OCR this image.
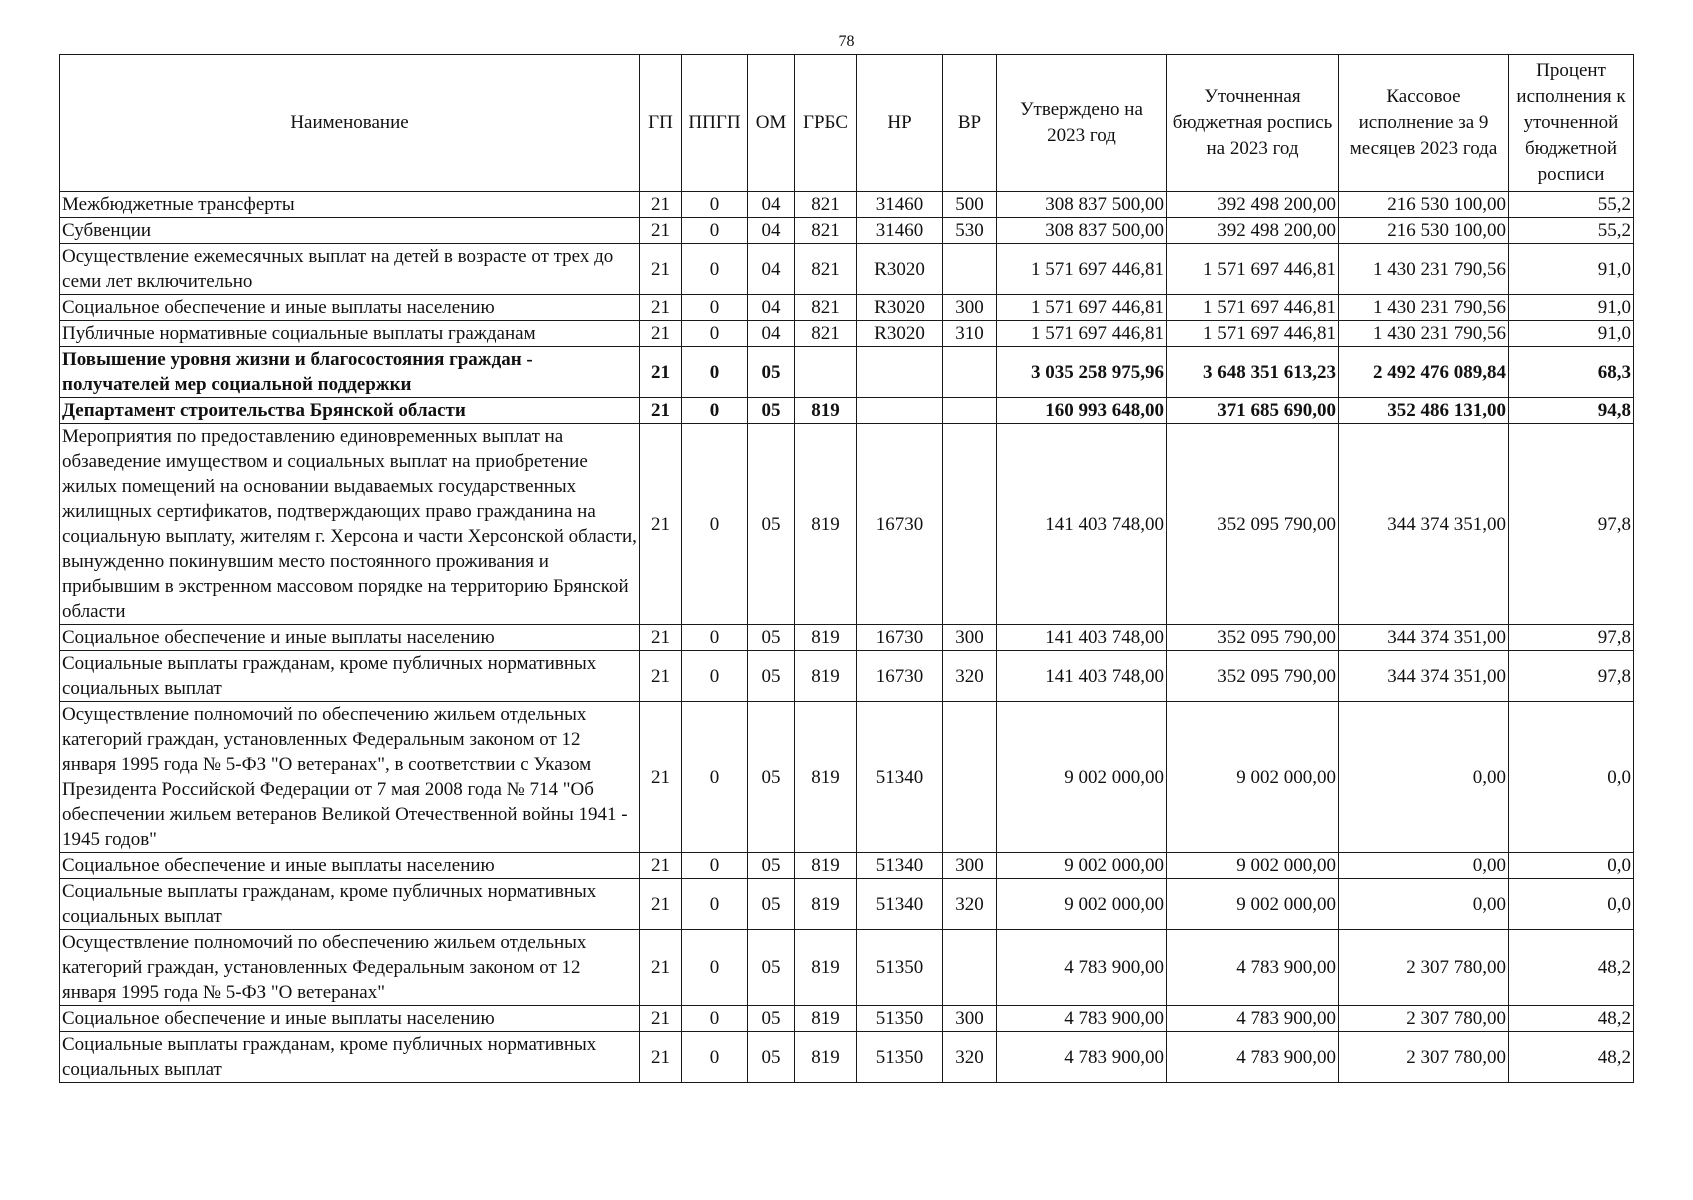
78
Наименование	ГП	ППГП	ОМ	ГРБС	НР	ВР	Утверждено на 2023 год	Уточненная бюджетная роспись на 2023 год	Кассовое исполнение за 9 месяцев 2023 года	Процент исполнения к уточненной бюджетной росписи
Межбюджетные трансферты	21	0	04	821	31460	500	308 837 500,00	392 498 200,00	216 530 100,00	55,2
Субвенции	21	0	04	821	31460	530	308 837 500,00	392 498 200,00	216 530 100,00	55,2
Осуществление ежемесячных выплат на детей в возрасте от трех до семи лет включительно	21	0	04	821	R3020		1 571 697 446,81	1 571 697 446,81	1 430 231 790,56	91,0
Социальное обеспечение и иные выплаты населению	21	0	04	821	R3020	300	1 571 697 446,81	1 571 697 446,81	1 430 231 790,56	91,0
Публичные нормативные социальные выплаты гражданам	21	0	04	821	R3020	310	1 571 697 446,81	1 571 697 446,81	1 430 231 790,56	91,0
Повышение уровня жизни и благосостояния граждан - получателей мер социальной поддержки	21	0	05				3 035 258 975,96	3 648 351 613,23	2 492 476 089,84	68,3
Департамент строительства Брянской области	21	0	05	819			160 993 648,00	371 685 690,00	352 486 131,00	94,8
Мероприятия по предоставлению единовременных выплат на обзаведение имуществом и социальных выплат на приобретение жилых помещений на основании выдаваемых государственных жилищных сертификатов, подтверждающих право гражданина на социальную выплату, жителям г. Херсона и части Херсонской области, вынужденно покинувшим место постоянного проживания и прибывшим в экстренном массовом порядке на территорию Брянской области	21	0	05	819	16730		141 403 748,00	352 095 790,00	344 374 351,00	97,8
Социальное обеспечение и иные выплаты населению	21	0	05	819	16730	300	141 403 748,00	352 095 790,00	344 374 351,00	97,8
Социальные выплаты гражданам, кроме публичных нормативных социальных выплат	21	0	05	819	16730	320	141 403 748,00	352 095 790,00	344 374 351,00	97,8
Осуществление полномочий по обеспечению жильем отдельных категорий граждан, установленных Федеральным законом от 12 января 1995 года № 5-ФЗ "О ветеранах", в соответствии с Указом Президента Российской Федерации от 7 мая 2008 года № 714 "Об обеспечении жильем ветеранов Великой Отечественной войны 1941 - 1945 годов"	21	0	05	819	51340		9 002 000,00	9 002 000,00	0,00	0,0
Социальное обеспечение и иные выплаты населению	21	0	05	819	51340	300	9 002 000,00	9 002 000,00	0,00	0,0
Социальные выплаты гражданам, кроме публичных нормативных социальных выплат	21	0	05	819	51340	320	9 002 000,00	9 002 000,00	0,00	0,0
Осуществление полномочий по обеспечению жильем отдельных категорий граждан, установленных Федеральным законом от 12 января 1995 года № 5-ФЗ "О ветеранах"	21	0	05	819	51350		4 783 900,00	4 783 900,00	2 307 780,00	48,2
Социальное обеспечение и иные выплаты населению	21	0	05	819	51350	300	4 783 900,00	4 783 900,00	2 307 780,00	48,2
Социальные выплаты гражданам, кроме публичных нормативных социальных выплат	21	0	05	819	51350	320	4 783 900,00	4 783 900,00	2 307 780,00	48,2
